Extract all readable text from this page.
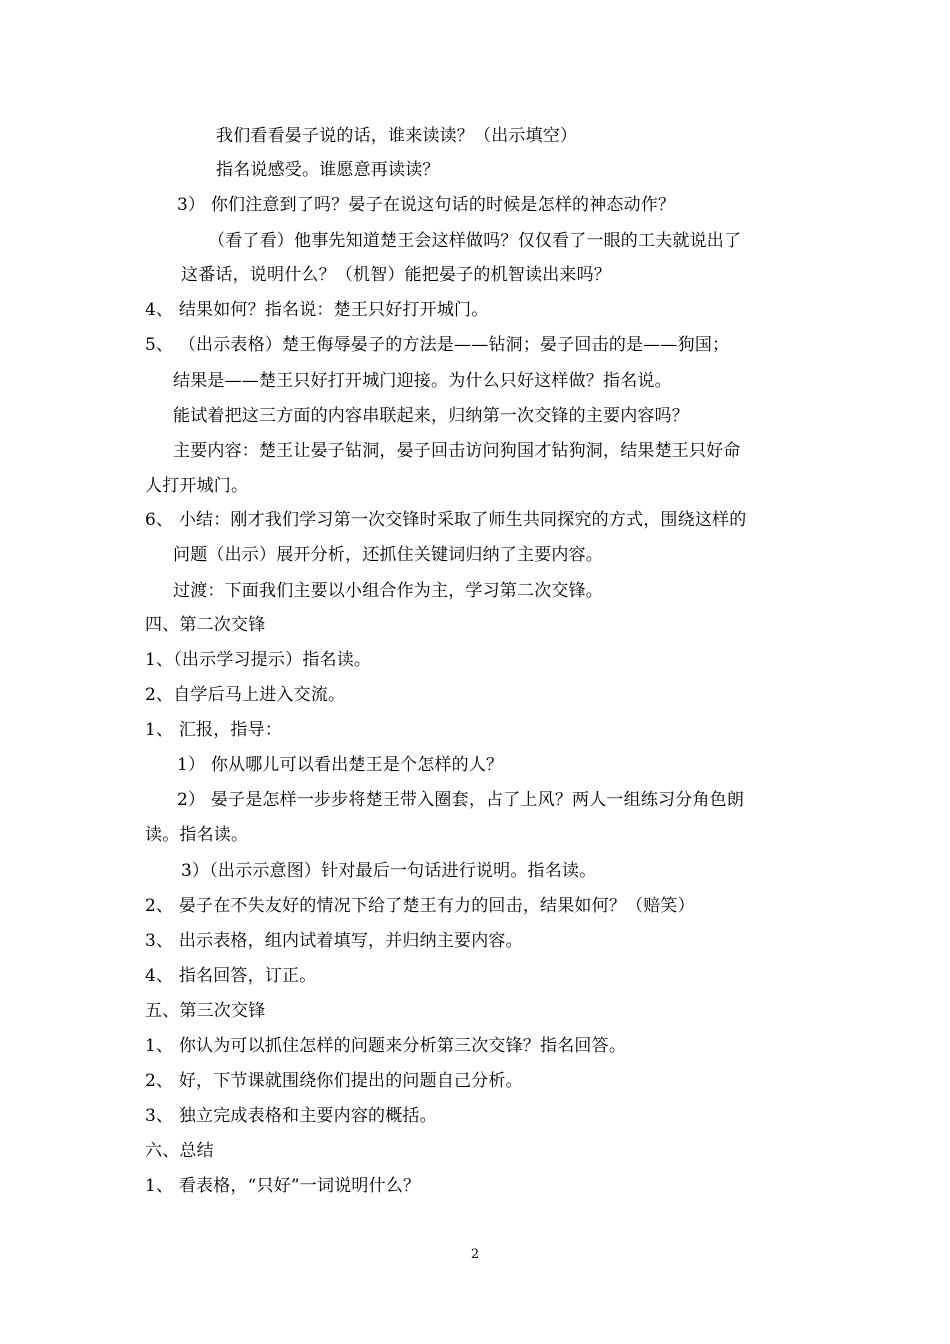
我们看看晏子说的话，谁来读读？（出示填空）
指名说感受。谁愿意再读读？
3） 你们注意到了吗？晏子在说这句话的时候是怎样的神态动作？
（看了看）他事先知道楚王会这样做吗？仅仅看了一眼的工夫就说出了
这番话，说明什么？（机智）能把晏子的机智读出来吗？
4、 结果如何？指名说：楚王只好打开城门。
5、 （出示表格）楚王侮辱晏子的方法是——钻洞；晏子回击的是——狗国；
结果是——楚王只好打开城门迎接。为什么只好这样做？指名说。
能试着把这三方面的内容串联起来，归纳第一次交锋的主要内容吗？
主要内容：楚王让晏子钻洞，晏子回击访问狗国才钻狗洞，结果楚王只好命
人打开城门。
6、 小结：刚才我们学习第一次交锋时采取了师生共同探究的方式，围绕这样的
问题（出示）展开分析，还抓住关键词归纳了主要内容。
过渡：下面我们主要以小组合作为主，学习第二次交锋。
四、第二次交锋
1、（出示学习提示）指名读。
2、自学后马上进入交流。
1、 汇报，指导：
1） 你从哪儿可以看出楚王是个怎样的人？
2） 晏子是怎样一步步将楚王带入圈套，占了上风？两人一组练习分角色朗
读。指名读。
3）（出示示意图）针对最后一句话进行说明。指名读。
2、 晏子在不失友好的情况下给了楚王有力的回击，结果如何？（赔笑）
3、 出示表格，组内试着填写，并归纳主要内容。
4、 指名回答，订正。
五、第三次交锋
1、 你认为可以抓住怎样的问题来分析第三次交锋？指名回答。
2、 好，下节课就围绕你们提出的问题自己分析。
3、 独立完成表格和主要内容的概括。
六、总结
1、 看表格，“只好”一词说明什么？
2
